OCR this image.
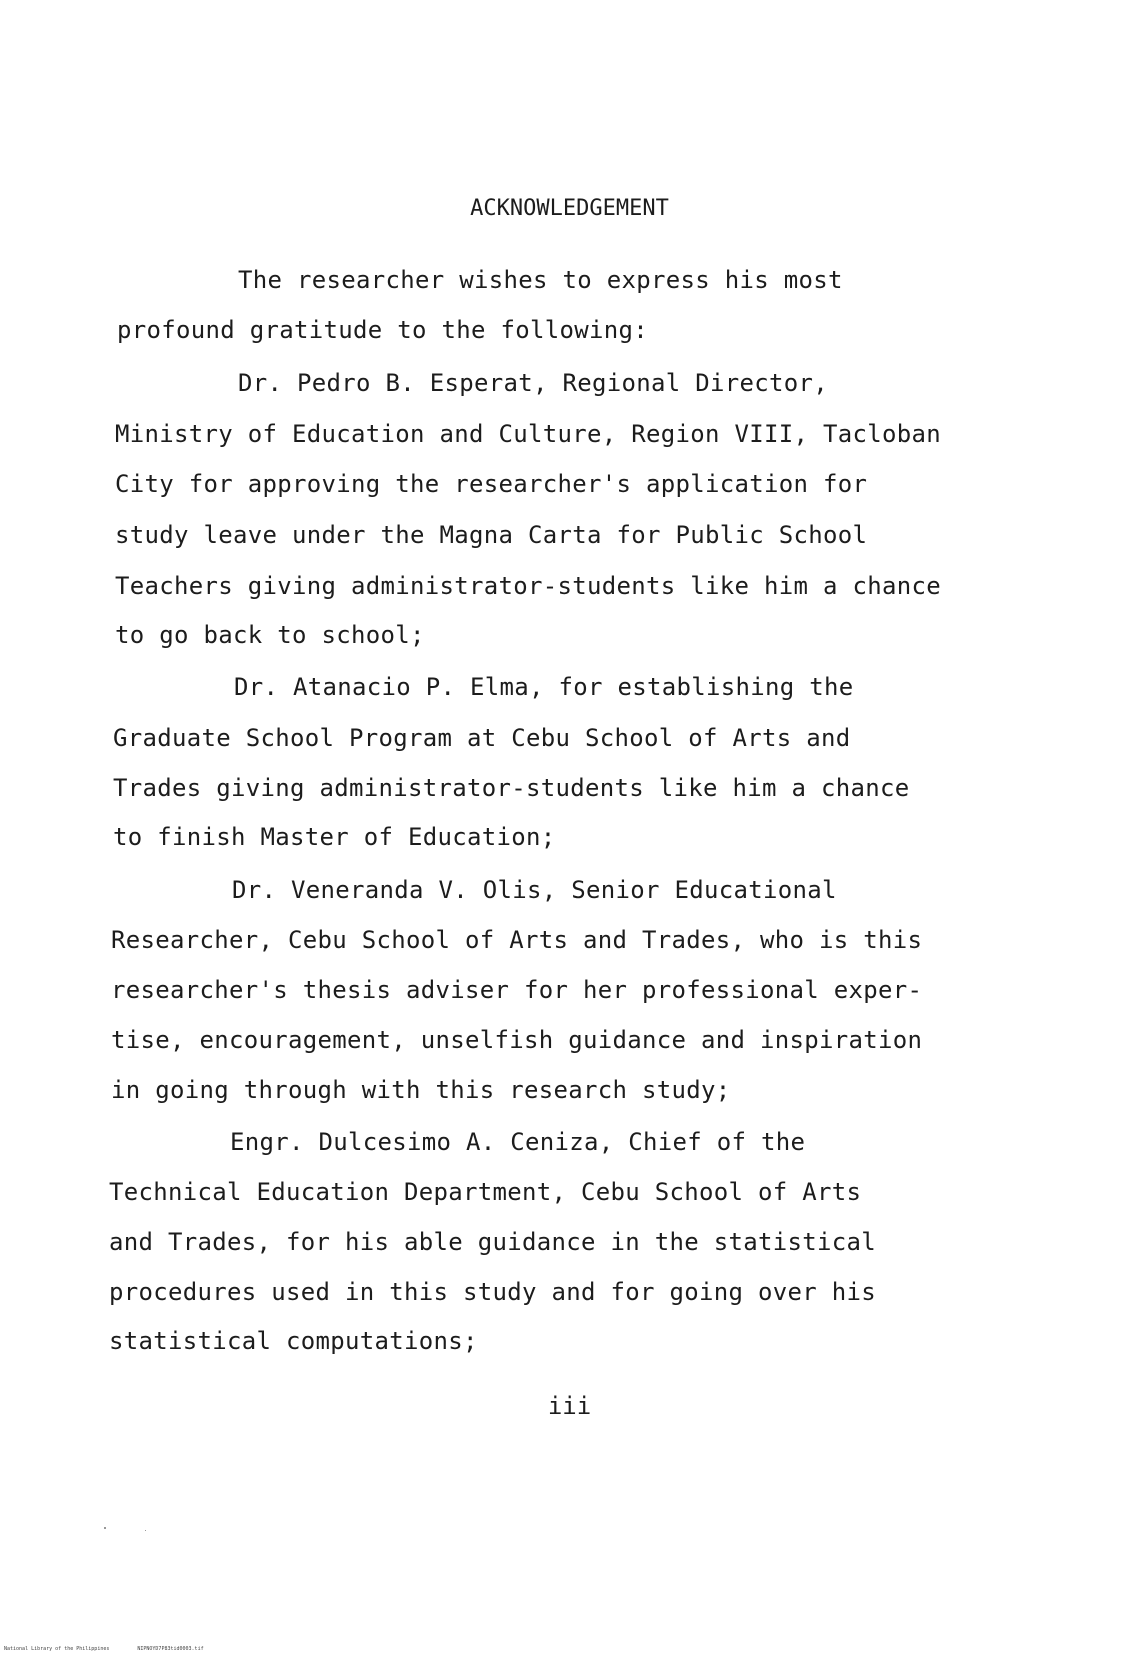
ACKNOWLEDGEMENT
The researcher wishes to express his most
profound gratitude to the following:
Dr. Pedro B. Esperat, Regional Director,
Ministry of Education and Culture, Region VIII, Tacloban
City for approving the researcher's application for
study leave under the Magna Carta for Public School
Teachers giving administrator-students like him a chance
to go back to school;
Dr. Atanacio P. Elma, for establishing the
Graduate School Program at Cebu School of Arts and
Trades giving administrator-students like him a chance
to finish Master of Education;
Dr. Veneranda V. Olis, Senior Educational
Researcher, Cebu School of Arts and Trades, who is this
researcher's thesis adviser for her professional exper-
tise, encouragement, unselfish guidance and inspiration
in going through with this research study;
Engr. Dulcesimo A. Ceniza, Chief of the
Technical Education Department, Cebu School of Arts
and Trades, for his able guidance in the statistical
procedures used in this study and for going over his
statistical computations;
iii
National Library of the Philippines	NIPNOYD7P83tid0003.tif
